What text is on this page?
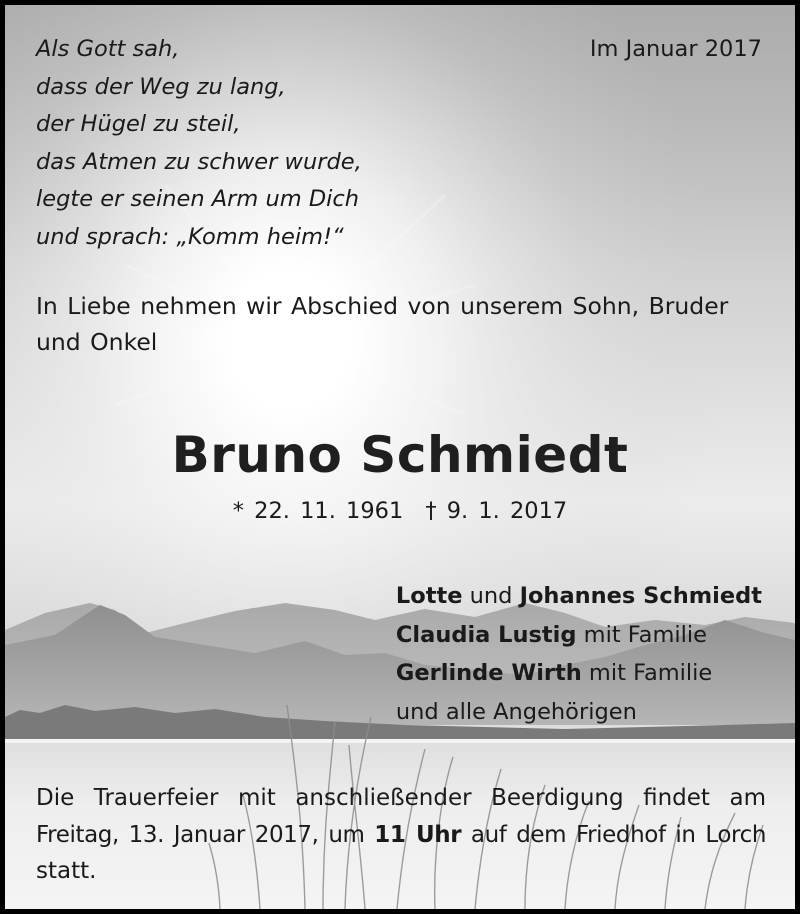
Als Gott sah,
dass der Weg zu lang,
der Hügel zu steil,
das Atmen zu schwer wurde,
legte er seinen Arm um Dich
und sprach: „Komm heim!“
Im Januar 2017

In Liebe nehmen wir Abschied von unserem Sohn, Bruder und Onkel

Bruno Schmiedt
* 22. 11. 1961 † 9. 1. 2017
Lotte und Johannes Schmiedt
Claudia Lustig mit Familie
Gerlinde Wirth mit Familie
und alle Angehörigen

Die Trauerfeier mit anschließender Beerdigung findet am
Freitag, 13. Januar 2017, um 11 Uhr auf dem Friedhof in Lorch
statt.
